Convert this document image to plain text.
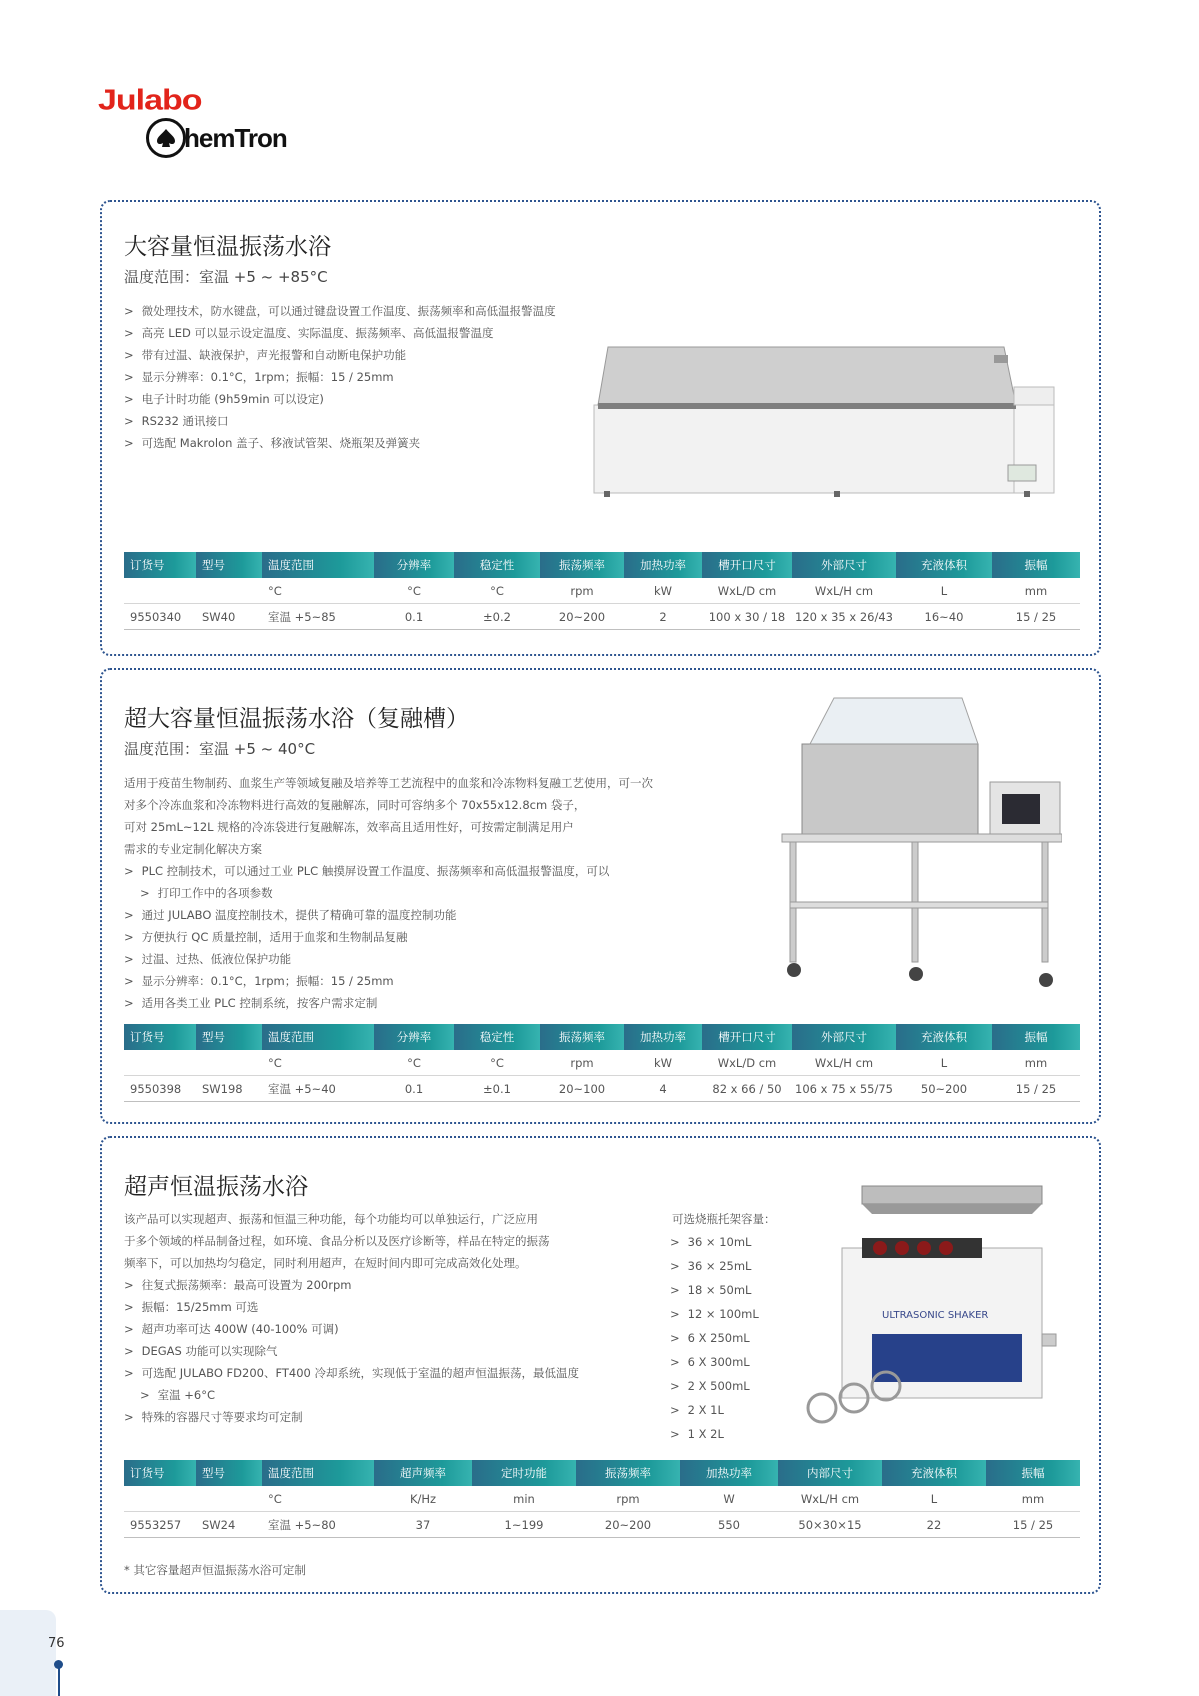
Julabo
hemTron
大容量恒温振荡水浴
温度范围：室温 +5 ~ +85°C
> 微处理技术，防水键盘，可以通过键盘设置工作温度、振荡频率和高低温报警温度
> 高亮 LED 可以显示设定温度、实际温度、振荡频率、高低温报警温度
> 带有过温、缺液保护，声光报警和自动断电保护功能
> 显示分辨率：0.1°C，1rpm；振幅：15 / 25mm
> 电子计时功能 (9h59min 可以设定)
> RS232 通讯接口
> 可选配 Makrolon 盖子、移液试管架、烧瓶架及弹簧夹
订货号	型号	温度范围	分辨率	稳定性	振荡频率	加热功率	槽开口尺寸	外部尺寸	充液体积	振幅
		°C	°C	°C	rpm	kW	WxL/D cm	WxL/H cm	L	mm
9550340	SW40	室温 +5~85	0.1	±0.2	20~200	2	100 x 30 / 18	120 x 35 x 26/43	16~40	15 / 25
超大容量恒温振荡水浴（复融槽）
温度范围：室温 +5 ~ 40°C
适用于疫苗生物制药、血浆生产等领域复融及培养等工艺流程中的血浆和冷冻物料复融工艺使用，可一次
对多个冷冻血浆和冷冻物料进行高效的复融解冻，同时可容纳多个 70x55x12.8cm 袋子，
可对 25mL~12L 规格的冷冻袋进行复融解冻，效率高且适用性好，可按需定制满足用户
需求的专业定制化解决方案
> PLC 控制技术，可以通过工业 PLC 触摸屏设置工作温度、振荡频率和高低温报警温度，可以
> 打印工作中的各项参数
> 通过 JULABO 温度控制技术，提供了精确可靠的温度控制功能
> 方便执行 QC 质量控制，适用于血浆和生物制品复融
> 过温、过热、低液位保护功能
> 显示分辨率：0.1°C，1rpm；振幅：15 / 25mm
> 适用各类工业 PLC 控制系统，按客户需求定制
订货号	型号	温度范围	分辨率	稳定性	振荡频率	加热功率	槽开口尺寸	外部尺寸	充液体积	振幅
		°C	°C	°C	rpm	kW	WxL/D cm	WxL/H cm	L	mm
9550398	SW198	室温 +5~40	0.1	±0.1	20~100	4	82 x 66 / 50	106 x 75 x 55/75	50~200	15 / 25
超声恒温振荡水浴
该产品可以实现超声、振荡和恒温三种功能，每个功能均可以单独运行，广泛应用
于多个领域的样品制备过程，如环境、食品分析以及医疗诊断等，样品在特定的振荡
频率下，可以加热均匀稳定，同时利用超声，在短时间内即可完成高效化处理。
> 往复式振荡频率：最高可设置为 200rpm
> 振幅：15/25mm 可选
> 超声功率可达 400W (40-100% 可调)
> DEGAS 功能可以实现除气
> 可选配 JULABO FD200、FT400 冷却系统，实现低于室温的超声恒温振荡，最低温度
> 室温 +6°C
> 特殊的容器尺寸等要求均可定制
可选烧瓶托架容量：
> 36 × 10mL
> 36 × 25mL
> 18 × 50mL
> 12 × 100mL
> 6 X 250mL
> 6 X 300mL
> 2 X 500mL
> 2 X 1L
> 1 X 2L
ULTRASONIC SHAKER
订货号	型号	温度范围	超声频率	定时功能	振荡频率	加热功率	内部尺寸	充液体积	振幅
		°C	K/Hz	min	rpm	W	WxL/H cm	L	mm
9553257	SW24	室温 +5~80	37	1~199	20~200	550	50×30×15	22	15 / 25
* 其它容量超声恒温振荡水浴可定制
76
